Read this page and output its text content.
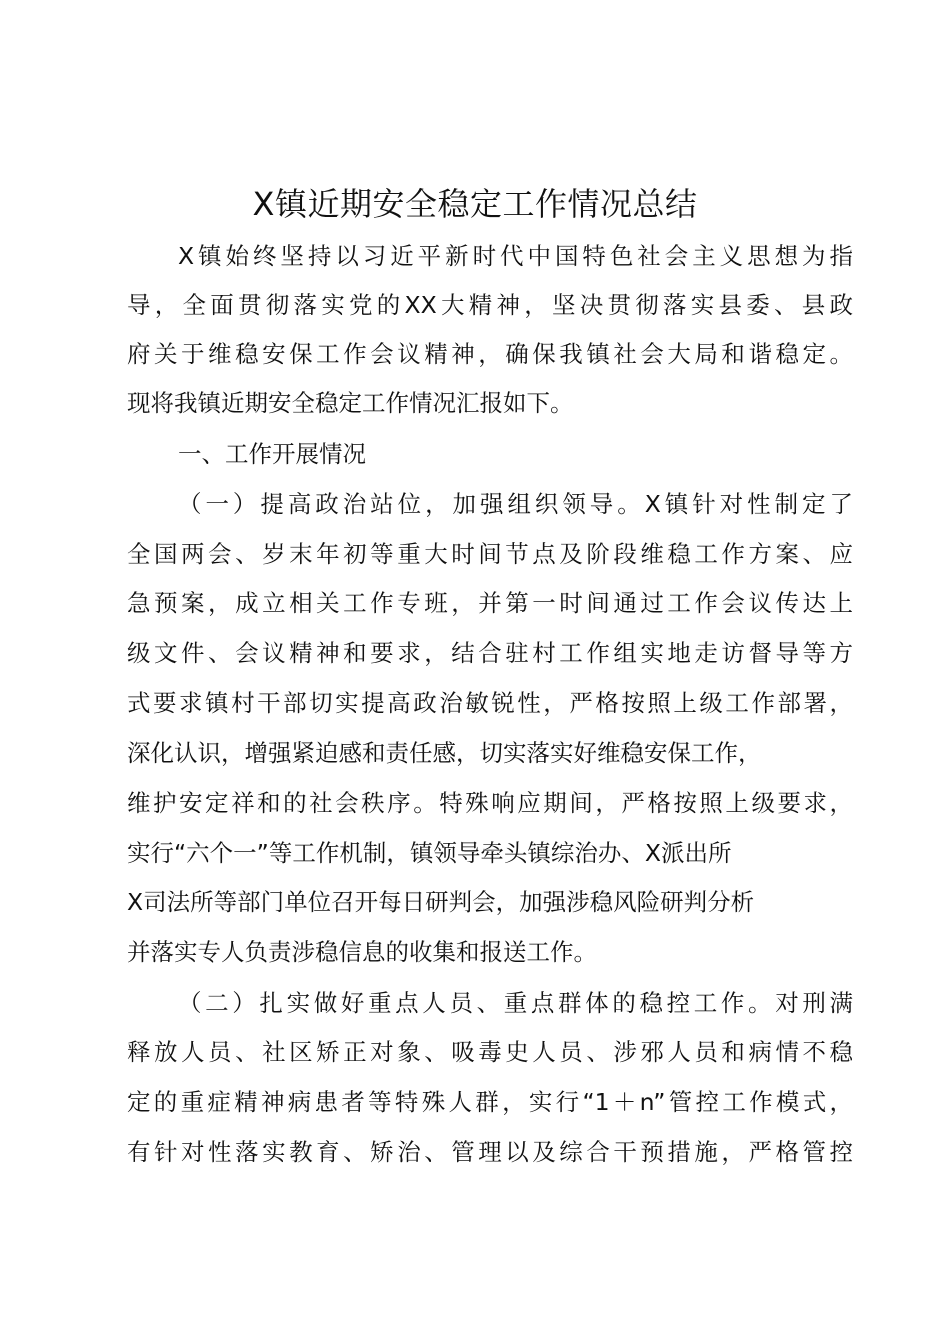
X镇近期安全稳定工作情况总结
X镇始终坚持以习近平新时代中国特色社会主义思想为指
导，全面贯彻落实党的XX大精神，坚决贯彻落实县委、县政
府关于维稳安保工作会议精神，确保我镇社会大局和谐稳定。
现将我镇近期安全稳定工作情况汇报如下。
一、工作开展情况
（一）提高政治站位，加强组织领导。X镇针对性制定了
全国两会、岁末年初等重大时间节点及阶段维稳工作方案、应
急预案，成立相关工作专班，并第一时间通过工作会议传达上
级文件、会议精神和要求，结合驻村工作组实地走访督导等方
式要求镇村干部切实提高政治敏锐性，严格按照上级工作部署，
深化认识，增强紧迫感和责任感，切实落实好维稳安保工作，
维护安定祥和的社会秩序。特殊响应期间，严格按照上级要求，
实行“六个一”等工作机制，镇领导牵头镇综治办、X派出所
X司法所等部门单位召开每日研判会，加强涉稳风险研判分析
并落实专人负责涉稳信息的收集和报送工作。
（二）扎实做好重点人员、重点群体的稳控工作。对刑满
释放人员、社区矫正对象、吸毒史人员、涉邪人员和病情不稳
定的重症精神病患者等特殊人群，实行“1＋n”管控工作模式，
有针对性落实教育、矫治、管理以及综合干预措施，严格管控
